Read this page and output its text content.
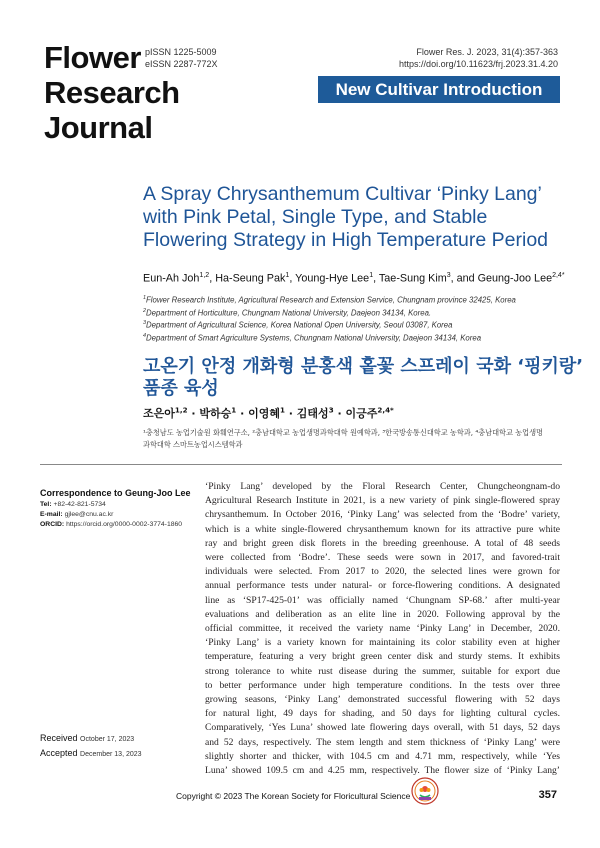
Flower
Research
Journal
pISSN 1225-5009
eISSN 2287-772X
Flower Res. J. 2023, 31(4):357-363
https://doi.org/10.11623/frj.2023.31.4.20
New Cultivar Introduction
A Spray Chrysanthemum Cultivar ‘Pinky Lang’
with Pink Petal, Single Type, and Stable
Flowering Strategy in High Temperature Period
Eun-Ah Joh$^{1,2}$, Ha-Seung Pak$^1$, Young-Hye Lee$^1$, Tae-Sung Kim$^3$, and Geung-Joo Lee$^{2,4*}$
$^1$Flower Research Institute, Agricultural Research and Extension Service, Chungnam province 32425, Korea
$^2$Department of Horticulture, Chungnam National University, Daejeon 34134, Korea.
$^3$Department of Agricultural Science, Korea National Open University, Seoul 03087, Korea
$^4$Department of Smart Agriculture Systems, Chungnam National University, Daejeon 34134, Korea
고온기 안정 개화형 분홍색 홑꽃 스프레이 국화 ‘핑키랑’
품종 육성
조은아$^{1,2}$ · 박하승$^1$ · 이영혜$^1$ · 김태성$^3$ · 이긍주$^{2,4*}$
¹충청남도 농업기술원 화훼연구소, ²충남대학교 농업생명과학대학 원예학과, ³한국방송통신대학교 농학과, ⁴충남대학교 농업생명
과학대학 스마트농업시스템학과
Correspondence to Geung-Joo Lee
Tel: +82-42-821-5734
E-mail: gjlee@cnu.ac.kr
ORCID: https://orcid.org/0000-0002-3774-1860
Received October 17, 2023
Accepted December 13, 2023
‘Pinky Lang’ developed by the Floral Research Center, Chungcheongnam-do
Agricultural Research Institute in 2021, is a new variety of pink single-flowered spray
chrysanthemum. In October 2016, ‘Pinky Lang’ was selected from the ‘Bodre’ variety,
which is a white single-flowered chrysanthemum known for its attractive pure white
ray and bright green disk florets in the breeding greenhouse. A total of 48 seeds
were collected from ‘Bodre’. These seeds were sown in 2017, and favored-trait
individuals were selected. From 2017 to 2020, the selected lines were grown for
annual performance tests under natural- or force-flowering conditions. A designated
line as ‘SP17-425-01’ was officially named ‘Chungnam SP-68.’ after multi-year
evaluations and deliberation as an elite line in 2020. Following approval by the
official committee, it received the variety name ‘Pinky Lang’ in December, 2020.
‘Pinky Lang’ is a variety known for maintaining its color stability even at higher
temperature, featuring a very bright green center disk and sturdy stems. It exhibits
strong tolerance to white rust disease during the summer, suitable for export due
to better performance under high temperature conditions. In the tests over three
growing seasons, ‘Pinky Lang’ demonstrated successful flowering with 52 days
for natural light, 49 days for shading, and 50 days for lighting cultural cycles.
Comparatively, ‘Yes Luna’ showed late flowering days overall, with 51 days, 52 days
and 52 days, respectively. The stem length and stem thickness of ‘Pinky Lang’ were
slightly shorter and thicker, with 104.5 cm and 4.71 mm, respectively, while ‘Yes
Luna’ showed 109.5 cm and 4.25 mm, respectively. The flower size of ‘Pinky Lang’
Copyright © 2023 The Korean Society for Floricultural Science	357
